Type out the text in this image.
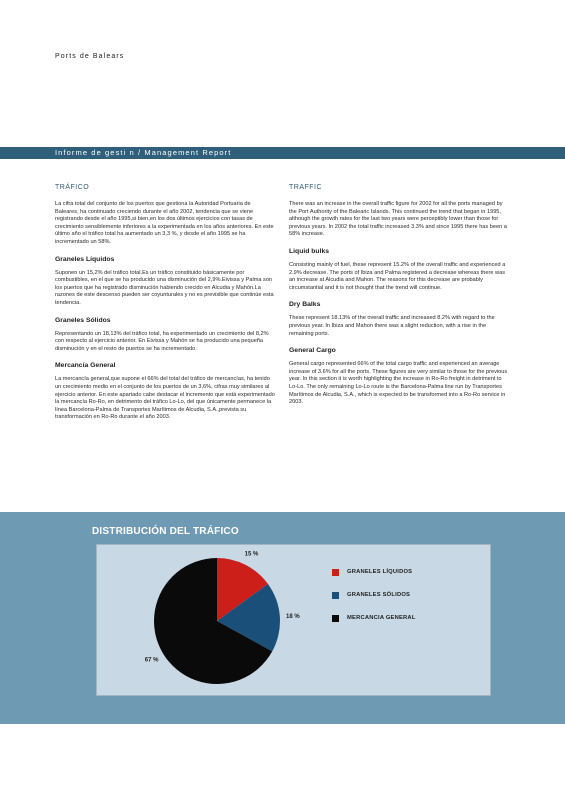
Ports de Balears
Informe de gesti n / Management Report
TRÁFICO

La cifra total del conjunto de los puertos que gestiona la Autoridad Portuaria de Baleares, ha continuado creciendo durante el año 2002, tendencia que se viene registrando desde el año 1995,si bien,en los dos últimos ejercicios con tasas de crecimiento sensiblemente inferiores a la experimentada en los años anteriores. En este último año el tráfico total ha aumentado un 3,3 %, y desde el año 1995 se ha incrementado un 58%.

Graneles Líquidos

Suponen un 15,2% del tráfico total.Es un tráfico constituido básicamente por combustibles, en el que se ha producido una disminución del 2,9%.Eivissa y Palma son los puertos que ha registrado disminución habiendo crecido en Alcudia y Mahón.La razones de este descenso pueden ser coyunturales y no es previsible que continúe esta tendencia.

Graneles Sólidos

Representando un 18,13% del tráfico total, ha experimentado un crecimiento del 8,2% con respecto al ejercicio anterior. En Eivissa y Mahón se ha producido una pequeña disminución y en el resto de puertos se ha incrementado.

Mercancía General

La mercancía general,que supone el 66% del total del tráfico de mercancías, ha tenido un crecimiento medio en el conjunto de los puertos de un 3,6%, cifras muy similares al ejercicio anterior. En este apartado cabe destacar el incremento que está experimentado la mercancía Ro-Ro, en detrimento del tráfico Lo-Lo, del que únicamente permanece la línea Barcelona-Palma de Transportes Marítimos de Alcudia, S.A.,prevista su transformación en Ro-Ro durante el año 2003.

TRAFFIC

There was an increase in the overall traffic figure for 2002 for all the ports managed by the Port Authority of the Balearic Islands. This continued the trend that began in 1995, although the growth rates for the last two years were perceptibly lower than those for previous years. In 2002 the total traffic increased 3.3% and since 1995 there has been a 58% increase.

Liquid bulks

Consisting mainly of fuel, these represent 15.2% of the overall traffic and experienced a 2.9% decrease. The ports of Ibiza and Palma registered a decrease whereas there was an increase at Alcudia and Mahon. The reasons for this decrease are probably circumstantial and it is not thought that the trend will continue.

Dry Balks

These represent 18.13% of the overall traffic and increased 8.2% with regard to the previous year. In Ibiza and Mahon there was a slight reduction, with a rise in the remaining ports.

General Cargo

General cargo represented 66% of the total cargo traffic and experienced an average increase of 3.6% for all the ports. These figures are very similar to those for the previous year. In this section it is worth highlighting the increase in Ro-Ro freight in detriment to Lo-Lo. The only remaining Lo-Lo route is the Barcelona-Palma line run by Transportes Marítimos de Alcudia, S.A., which is expected to be transformed into a Ro-Ro service in 2003.

DISTRIBUCIÓN DEL TRÁFICO
15 %
18 %
67 %
GRANELES LÍQUIDOS
GRANELES SÓLIDOS
MERCANCIA GENERAL
